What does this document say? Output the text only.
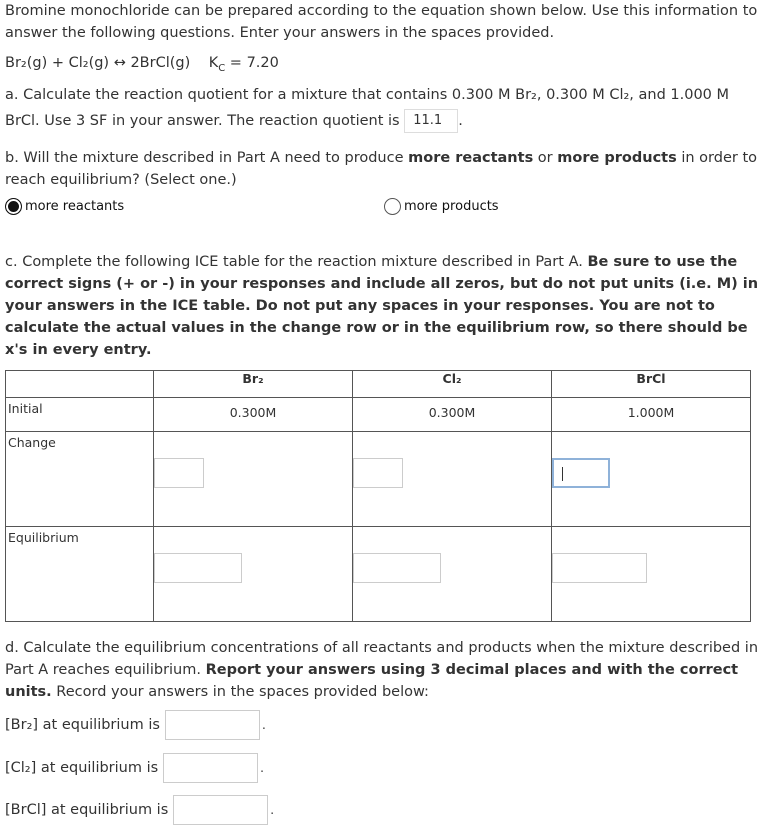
Bromine monochloride can be prepared according to the equation shown below. Use this information to answer the following questions. Enter your answers in the spaces provided.
Br₂(g) + Cl₂(g) ↔ 2BrCl(g) $K_C = 7.20$
a. Calculate the reaction quotient for a mixture that contains 0.300 M Br₂, 0.300 M Cl₂, and 1.000 M BrCl. Use 3 SF in your answer. The reaction quotient is 11.1 .
b. Will the mixture described in Part A need to produce more reactants or more products in order to reach equilibrium? (Select one.)
more reactants	more products
c. Complete the following ICE table for the reaction mixture described in Part A. Be sure to use the correct signs (+ or -) in your responses and include all zeros, but do not put units (i.e. M) in your answers in the ICE table. Do not put any spaces in your responses. You are not to calculate the actual values in the change row or in the equilibrium row, so there should be x's in every entry.
	Br₂	Cl₂	BrCl
Initial	0.300M	0.300M	1.000M
Change	

Equilibrium	

d. Calculate the equilibrium concentrations of all reactants and products when the mixture described in Part A reaches equilibrium. Report your answers using 3 decimal places and with the correct units. Record your answers in the spaces provided below:
[Br₂] at equilibrium is	.
[Cl₂] at equilibrium is	.
[BrCl] at equilibrium is	.
